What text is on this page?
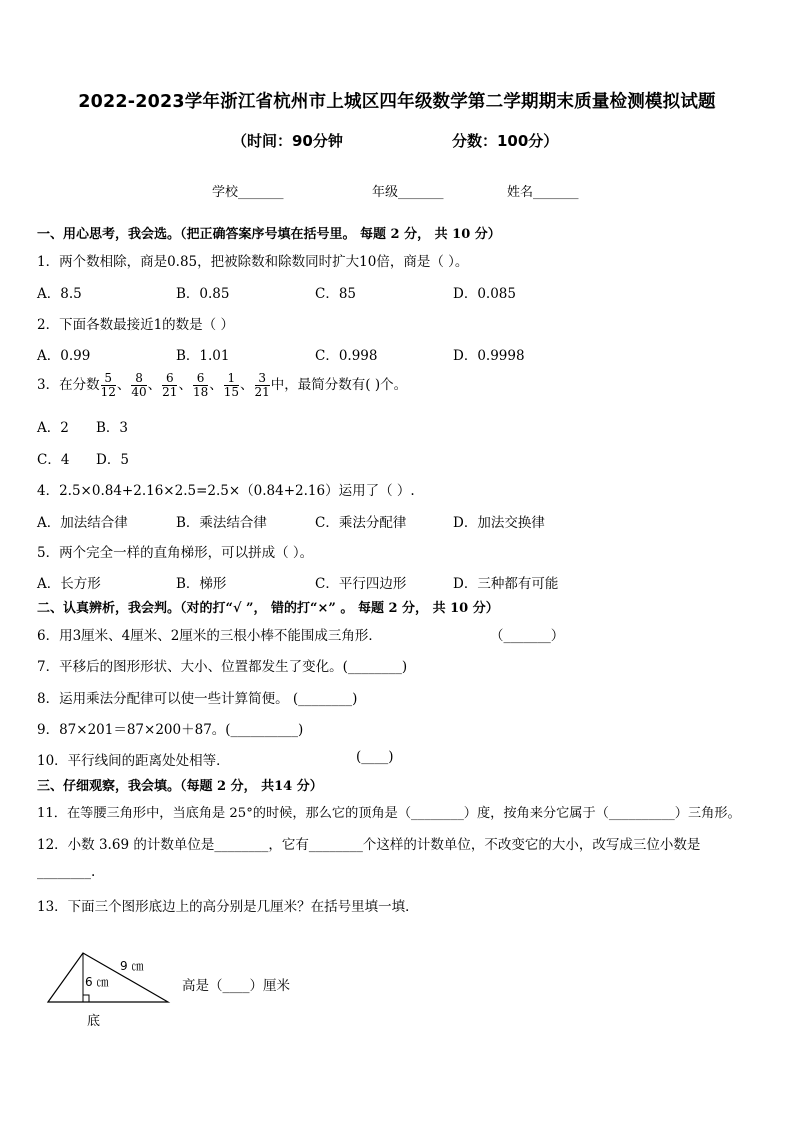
2022-2023学年浙江省杭州市上城区四年级数学第二学期期末质量检测模拟试题
（时间：90分钟	分数：100分）
学校_______	年级_______	姓名_______
一、用心思考，我会选。（把正确答案序号填在括号里。 每题 2 分， 共 10 分）
1．两个数相除，商是0.85，把被除数和除数同时扩大10倍，商是（ ）。
A．8.5	B．0.85	C．85	D．0.085
2．下面各数最接近1的数是（ ）
A．0.99	B．1.01	C．0.998	D．0.9998
3．在分数 $\frac{5}{12}$ 、 $\frac{8}{40}$ 、 $\frac{6}{21}$ 、 $\frac{6}{18}$ 、 $\frac{1}{15}$ 、 $\frac{3}{21}$ 中，最简分数有( )个。
A．2 B．3
C．4 D．5
4．2.5×0.84+2.16×2.5=2.5×（0.84+2.16）运用了（ ）.
A．加法结合律	B．乘法结合律	C．乘法分配律	D．加法交换律
5．两个完全一样的直角梯形，可以拼成（ ）。
A．长方形	B．梯形	C．平行四边形	D．三种都有可能
二、认真辨析，我会判。（对的打“√ ”， 错的打“×” 。 每题 2 分， 共 10 分）
6．用3厘米、4厘米、2厘米的三根小棒不能围成三角形．	（_______）
7．平移后的图形形状、大小、位置都发生了变化。(________)
8．运用乘法分配律可以使一些计算简便。 (________)
9．87×201＝87×200＋87。(__________)
10．平行线间的距离处处相等．	(____)
三、仔细观察，我会填。（每题 2 分， 共14 分）
11．在等腰三角形中，当底角是 25°的时候，那么它的顶角是（________）度，按角来分它属于（__________）三角形。
12．小数 3.69 的计数单位是________，它有________个这样的计数单位，不改变它的大小，改写成三位小数是
________.
13．下面三个图形底边上的高分别是几厘米？在括号里填一填．
9 ㎝
6 ㎝
底
高是（____）厘米
